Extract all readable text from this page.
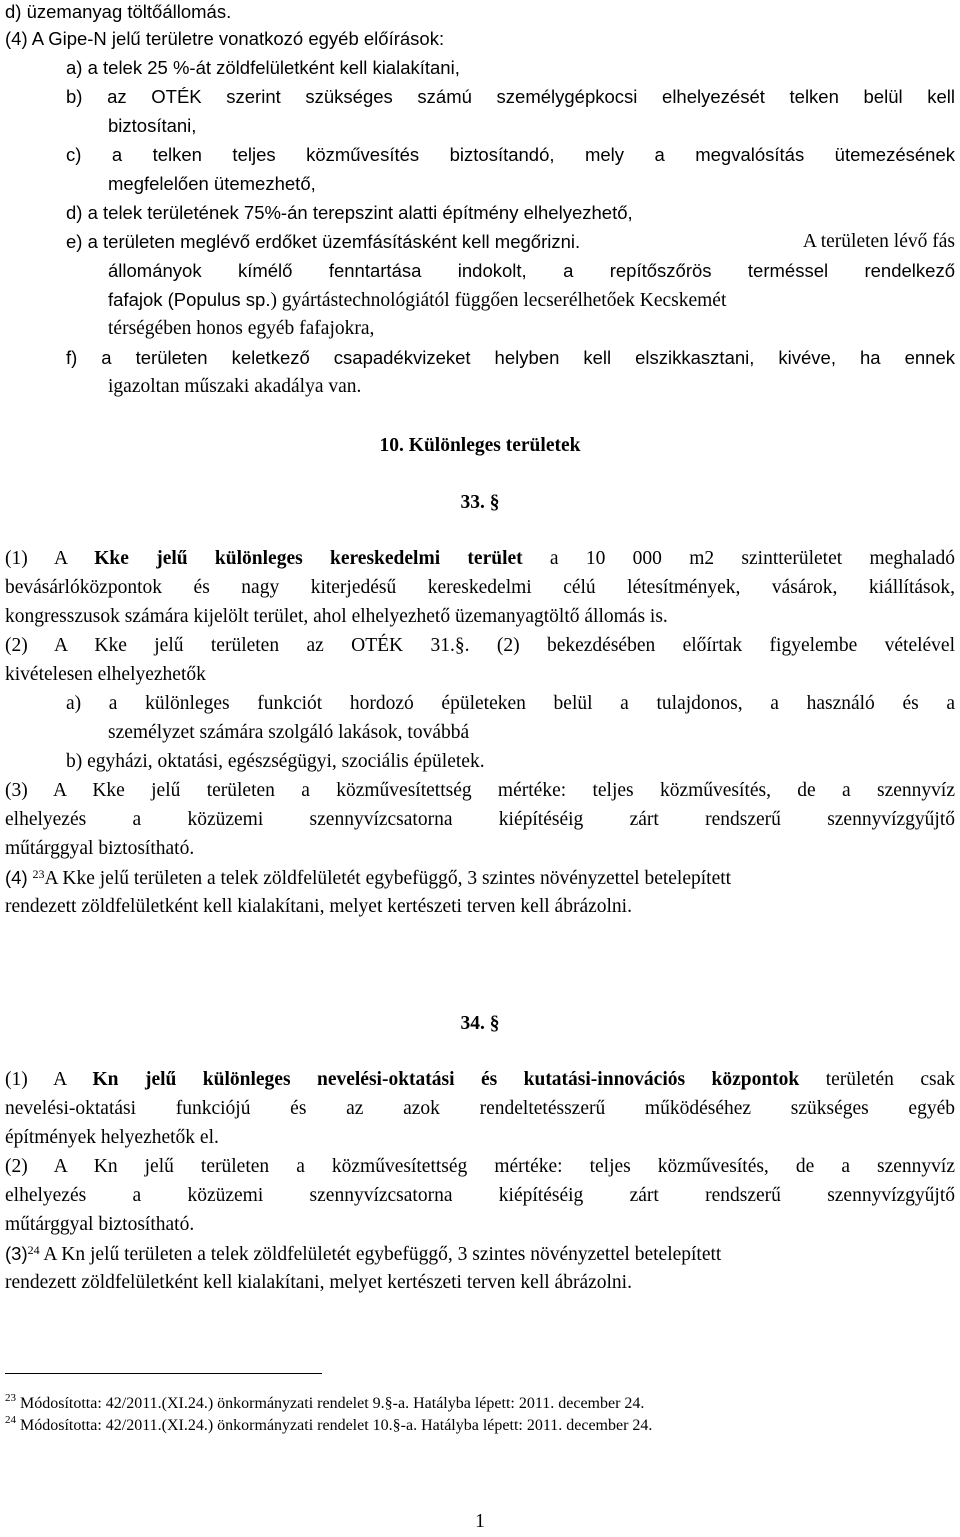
d) üzemanyag töltőállomás.
(4) A Gipe-N jelű területre vonatkozó egyéb előírások:
a) a telek 25 %-át zöldfelületként kell kialakítani,
b) az OTÉK szerint szükséges számú személygépkocsi elhelyezését telken belül kell
biztosítani,
c) a telken teljes közművesítés biztosítandó, mely a megvalósítás ütemezésének
megfelelően ütemezhető,
d) a telek területének 75%-án terepszint alatti építmény elhelyezhető,
e) a területen meglévő erdőket üzemfásításként kell megőrizni.	A területen lévő fás
állományok kímélő fenntartása indokolt, a repítőszőrös terméssel rendelkező
fafajok (Populus sp.) gyártástechnológiától függően lecserélhetőek Kecskemét
térségében honos egyéb fafajokra,
f) a területen keletkező csapadékvizeket helyben kell elszikkasztani, kivéve, ha ennek
igazoltan műszaki akadálya van.
10. Különleges területek
33. §
(1) A Kke jelű különleges kereskedelmi terület a 10 000 m2 szintterületet meghaladó
bevásárlóközpontok és nagy kiterjedésű kereskedelmi célú létesítmények, vásárok, kiállítások,
kongresszusok számára kijelölt terület, ahol elhelyezhető üzemanyagtöltő állomás is.
(2) A Kke jelű területen az OTÉK 31.§. (2) bekezdésében előírtak figyelembe vételével
kivételesen elhelyezhetők
a) a különleges funkciót hordozó épületeken belül a tulajdonos, a használó és a
személyzet számára szolgáló lakások, továbbá
b) egyházi, oktatási, egészségügyi, szociális épületek.
(3) A Kke jelű területen a közművesítettség mértéke: teljes közművesítés, de a szennyvíz
elhelyezés a közüzemi szennyvízcsatorna kiépítéséig zárt rendszerű szennyvízgyűjtő
műtárggyal biztosítható.
(4) $^{23}$A Kke jelű területen a telek zöldfelületét egybefüggő, 3 szintes növényzettel betelepített
rendezett zöldfelületként kell kialakítani, melyet kertészeti terven kell ábrázolni.
34. §
(1) A Kn jelű különleges nevelési-oktatási és kutatási-innovációs központok területén csak
nevelési-oktatási funkciójú és az azok rendeltetésszerű működéséhez szükséges egyéb
építmények helyezhetők el.
(2) A Kn jelű területen a közművesítettség mértéke: teljes közművesítés, de a szennyvíz
elhelyezés a közüzemi szennyvízcsatorna kiépítéséig zárt rendszerű szennyvízgyűjtő
műtárggyal biztosítható.
$(3)^{24}$ A Kn jelű területen a telek zöldfelületét egybefüggő, 3 szintes növényzettel betelepített
rendezett zöldfelületként kell kialakítani, melyet kertészeti terven kell ábrázolni.
$^{23}$ Módosította: 42/2011.(XI.24.) önkormányzati rendelet 9.§-a. Hatályba lépett: 2011. december 24.
$^{24}$ Módosította: 42/2011.(XI.24.) önkormányzati rendelet 10.§-a. Hatályba lépett: 2011. december 24.
1
